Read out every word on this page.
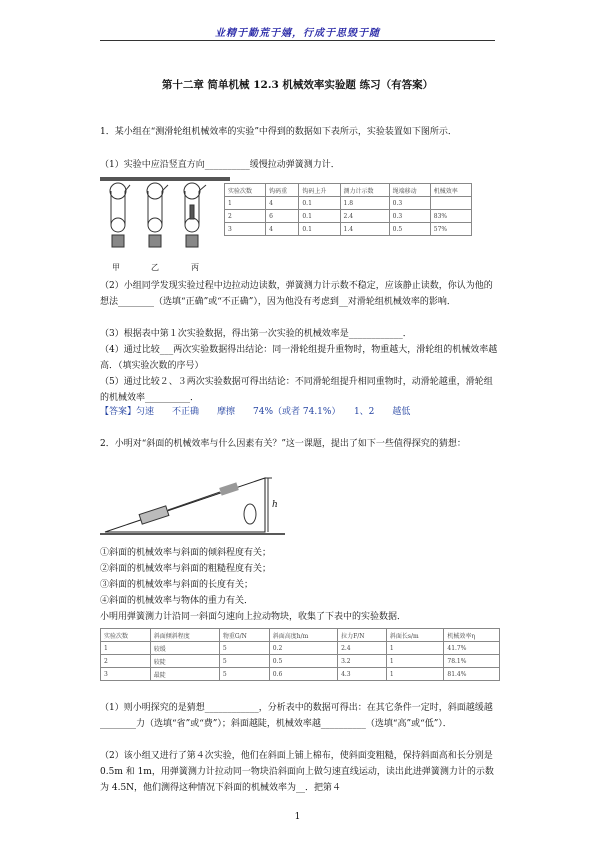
业精于勤荒于嬉，行成于思毁于随
第十二章 简单机械 12.3 机械效率实验题 练习（有答案）

1．某小组在“测滑轮组机械效率的实验”中得到的数据如下表所示，实验装置如下图所示．

（1）实验中应沿竖直方向__________缓慢拉动弹簧测力计．

甲	乙	丙
实验次数	钩码重	钩码上升	测力计示数	绳端移动	机械效率
1	4	0.1	1.8	0.3	
2	6	0.1	2.4	0.3	83%
3	4	0.1	1.4	0.5	57%

（2）小组同学发现实验过程中边拉动边读数，弹簧测力计示数不稳定，应该静止读数，你认为他的想法________（选填“正确”或“不正确”），因为他没有考虑到__对滑轮组机械效率的影响．

（3）根据表中第１次实验数据，得出第一次实验的机械效率是____________．

（4）通过比较___两次实验数据得出结论：同一滑轮组提升重物时，物重越大，滑轮组的机械效率越高．（填实验次数的序号）

（5）通过比较２、３两次实验数据可得出结论：不同滑轮组提升相同重物时，动滑轮越重，滑轮组的机械效率__________．

【答案】匀速　　不正确　　摩擦　　74%（或者 74.1%）　　1、2　　越低

2．小明对“斜面的机械效率与什么因素有关？”这一课题，提出了如下一些值得探究的猜想：

h

①斜面的机械效率与斜面的倾斜程度有关；

②斜面的机械效率与斜面的粗糙程度有关；

③斜面的机械效率与斜面的长度有关；

④斜面的机械效率与物体的重力有关．

小明用弹簧测力计沿同一斜面匀速向上拉动物块，收集了下表中的实验数据．

实验次数	斜面倾斜程度	物重G/N	斜面高度h/m	拉力F/N	斜面长s/m	机械效率η
1	较缓	5	0.2	2.4	1	41.7%
2	较陡	5	0.5	3.2	1	78.1%
3	最陡	5	0.6	4.3	1	81.4%

（1）则小明探究的是猜想____________，分析表中的数据可得出：在其它条件一定时，斜面越缓越________力（选填“省”或“费”）；斜面越陡，机械效率越__________（选填“高”或“低”）．

（2）该小组又进行了第４次实验，他们在斜面上铺上棉布，使斜面变粗糙，保持斜面高和长分别是 0.5m 和 1m，用弹簧测力计拉动同一物块沿斜面向上做匀速直线运动，读出此进弹簧测力计的示数为 4.5N，他们测得这种情况下斜面的机械效率为__．把第４

1
